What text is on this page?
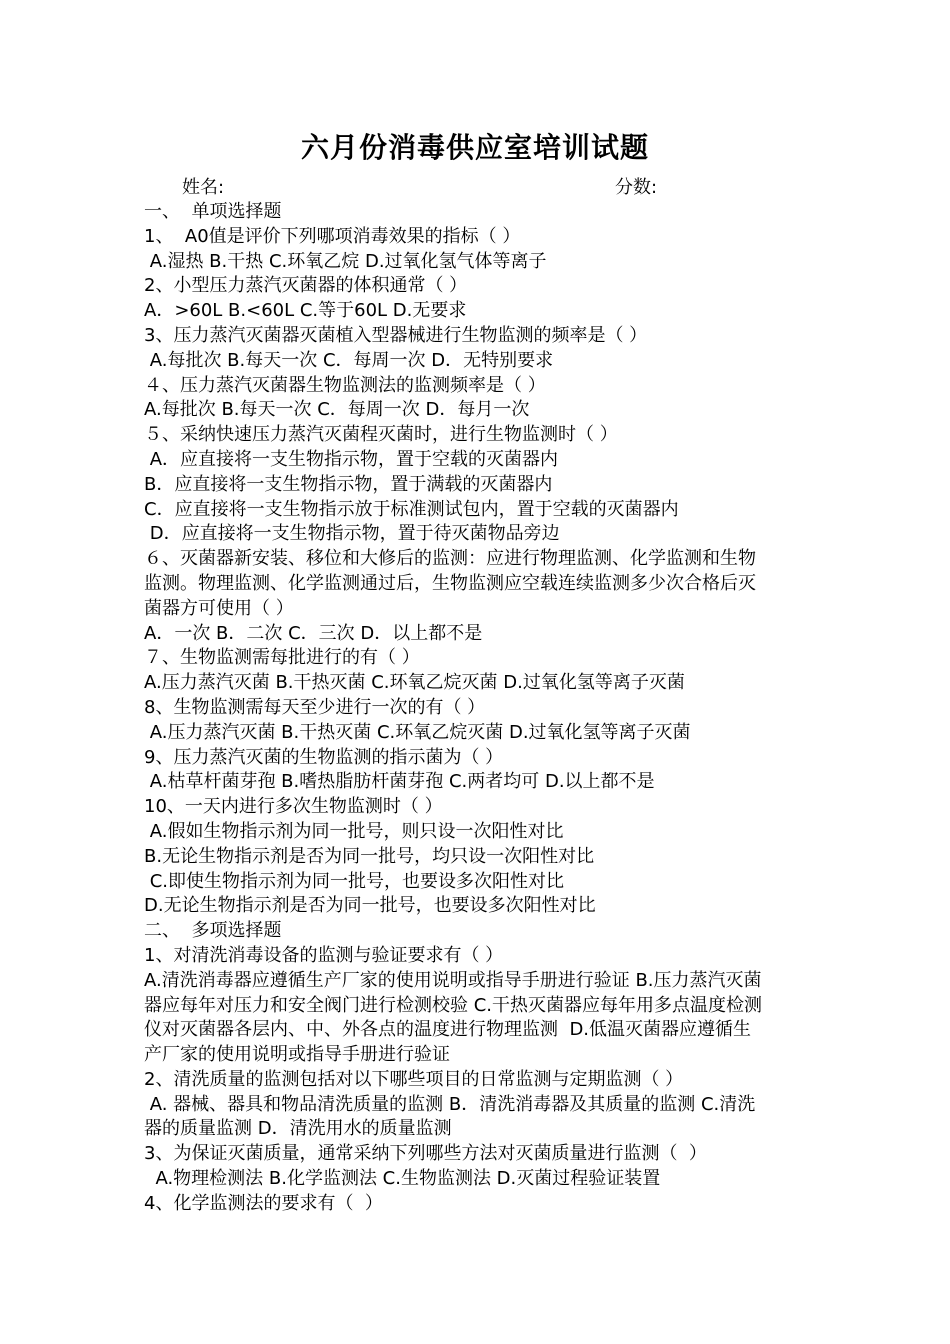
六月份消毒供应室培训试题
姓名:	分数:
一、  单项选择题
1、  A0值是评价下列哪项消毒效果的指标（ ）
A.湿热 B.干热 C.环氧乙烷 D.过氧化氢气体等离子
2、小型压力蒸汽灭菌器的体积通常（ ）
A．>60L B.<60L C.等于60L D.无要求
3、压力蒸汽灭菌器灭菌植入型器械进行生物监测的频率是（ ）
A.每批次 B.每天一次 C．每周一次 D．无特别要求
４、压力蒸汽灭菌器生物监测法的监测频率是（ ）
A.每批次 B.每天一次 C．每周一次 D．每月一次
５、采纳快速压力蒸汽灭菌程灭菌时，进行生物监测时（ ）
A．应直接将一支生物指示物，置于空载的灭菌器内
B．应直接将一支生物指示物，置于满载的灭菌器内
C．应直接将一支生物指示放于标准测试包内，置于空载的灭菌器内
D．应直接将一支生物指示物，置于待灭菌物品旁边
６、灭菌器新安装、移位和大修后的监测：应进行物理监测、化学监测和生物
监测。物理监测、化学监测通过后，生物监测应空载连续监测多少次合格后灭
菌器方可使用（ ）
A．一次 B．二次 C．三次 D．以上都不是
７、生物监测需每批进行的有（ ）
A.压力蒸汽灭菌 B.干热灭菌 C.环氧乙烷灭菌 D.过氧化氢等离子灭菌
8、生物监测需每天至少进行一次的有（ ）
A.压力蒸汽灭菌 B.干热灭菌 C.环氧乙烷灭菌 D.过氧化氢等离子灭菌
9、压力蒸汽灭菌的生物监测的指示菌为（ ）
A.枯草杆菌芽孢 B.嗜热脂肪杆菌芽孢 C.两者均可 D.以上都不是
10、一天内进行多次生物监测时（ ）
A.假如生物指示剂为同一批号，则只设一次阳性对比
B.无论生物指示剂是否为同一批号，均只设一次阳性对比
C.即使生物指示剂为同一批号，也要设多次阳性对比
D.无论生物指示剂是否为同一批号，也要设多次阳性对比
二、  多项选择题
1、对清洗消毒设备的监测与验证要求有（ ）
A.清洗消毒器应遵循生产厂家的使用说明或指导手册进行验证 B.压力蒸汽灭菌
器应每年对压力和安全阀门进行检测校验 C.干热灭菌器应每年用多点温度检测
仪对灭菌器各层内、中、外各点的温度进行物理监测  D.低温灭菌器应遵循生
产厂家的使用说明或指导手册进行验证
2、清洗质量的监测包括对以下哪些项目的日常监测与定期监测（ ）
A. 器械、器具和物品清洗质量的监测 B．清洗消毒器及其质量的监测 C.清洗
器的质量监测 D．清洗用水的质量监测
3、为保证灭菌质量，通常采纳下列哪些方法对灭菌质量进行监测（  ）
A.物理检测法 B.化学监测法 C.生物监测法 D.灭菌过程验证装置
4、化学监测法的要求有（  ）
